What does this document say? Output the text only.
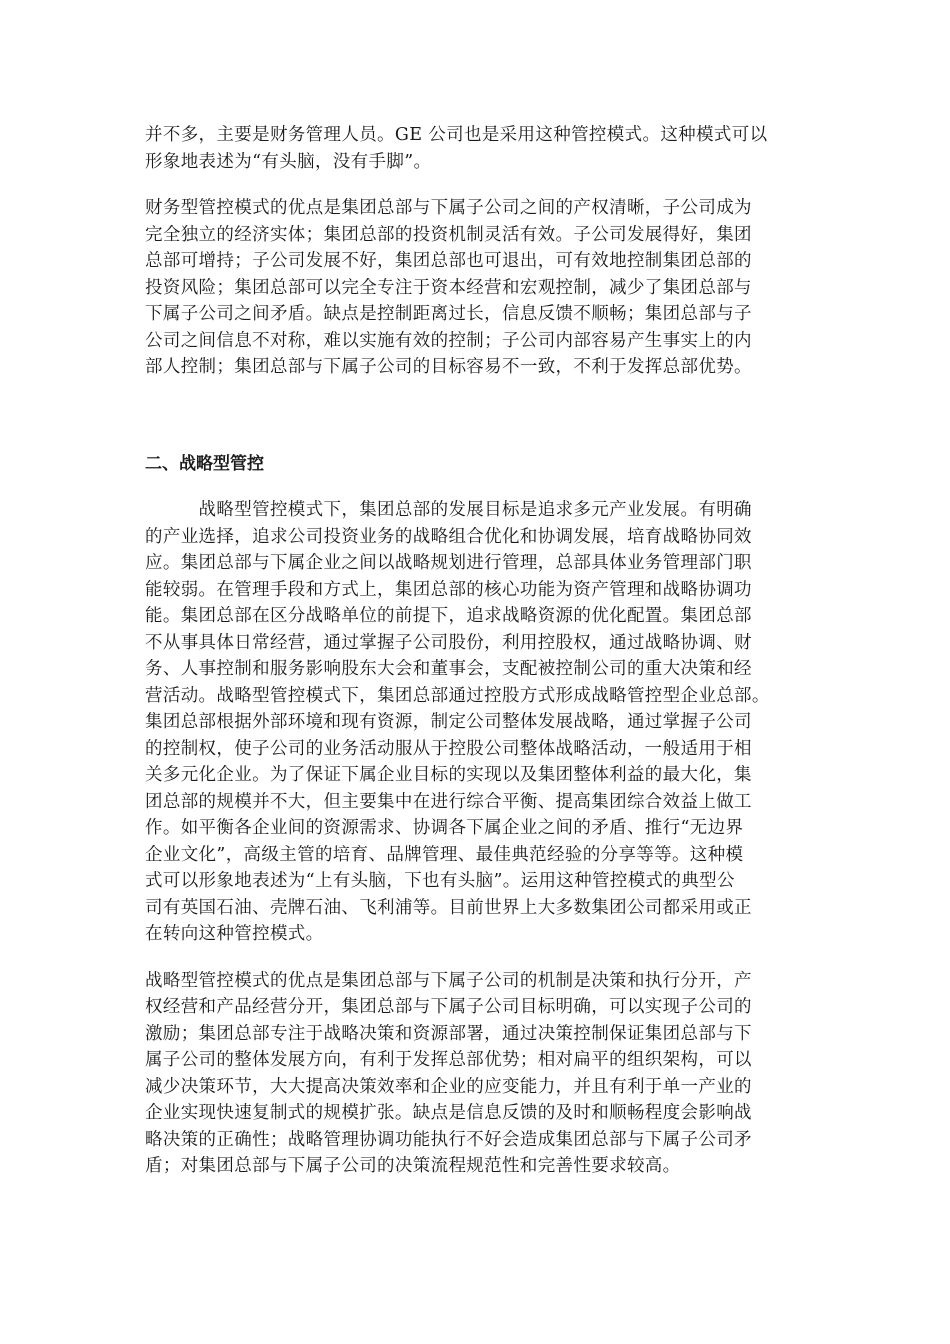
并不多，主要是财务管理人员。GE 公司也是采用这种管控模式。这种模式可以
形象地表述为“有头脑，没有手脚”。
财务型管控模式的优点是集团总部与下属子公司之间的产权清晰，子公司成为
完全独立的经济实体；集团总部的投资机制灵活有效。子公司发展得好，集团
总部可增持；子公司发展不好，集团总部也可退出，可有效地控制集团总部的
投资风险；集团总部可以完全专注于资本经营和宏观控制，减少了集团总部与
下属子公司之间矛盾。缺点是控制距离过长，信息反馈不顺畅；集团总部与子
公司之间信息不对称，难以实施有效的控制；子公司内部容易产生事实上的内
部人控制；集团总部与下属子公司的目标容易不一致，不利于发挥总部优势。
二、战略型管控
　　　战略型管控模式下，集团总部的发展目标是追求多元产业发展。有明确
的产业选择，追求公司投资业务的战略组合优化和协调发展，培育战略协同效
应。集团总部与下属企业之间以战略规划进行管理，总部具体业务管理部门职
能较弱。在管理手段和方式上，集团总部的核心功能为资产管理和战略协调功
能。集团总部在区分战略单位的前提下，追求战略资源的优化配置。集团总部
不从事具体日常经营，通过掌握子公司股份，利用控股权，通过战略协调、财
务、人事控制和服务影响股东大会和董事会，支配被控制公司的重大决策和经
营活动。战略型管控模式下，集团总部通过控股方式形成战略管控型企业总部。
集团总部根据外部环境和现有资源，制定公司整体发展战略，通过掌握子公司
的控制权，使子公司的业务活动服从于控股公司整体战略活动，一般适用于相
关多元化企业。为了保证下属企业目标的实现以及集团整体利益的最大化，集
团总部的规模并不大，但主要集中在进行综合平衡、提高集团综合效益上做工
作。如平衡各企业间的资源需求、协调各下属企业之间的矛盾、推行“无边界
企业文化”，高级主管的培育、品牌管理、最佳典范经验的分享等等。这种模
式可以形象地表述为“上有头脑，下也有头脑”。运用这种管控模式的典型公
司有英国石油、壳牌石油、飞利浦等。目前世界上大多数集团公司都采用或正
在转向这种管控模式。
战略型管控模式的优点是集团总部与下属子公司的机制是决策和执行分开，产
权经营和产品经营分开，集团总部与下属子公司目标明确，可以实现子公司的
激励；集团总部专注于战略决策和资源部署，通过决策控制保证集团总部与下
属子公司的整体发展方向，有利于发挥总部优势；相对扁平的组织架构，可以
减少决策环节，大大提高决策效率和企业的应变能力，并且有利于单一产业的
企业实现快速复制式的规模扩张。缺点是信息反馈的及时和顺畅程度会影响战
略决策的正确性；战略管理协调功能执行不好会造成集团总部与下属子公司矛
盾；对集团总部与下属子公司的决策流程规范性和完善性要求较高。
